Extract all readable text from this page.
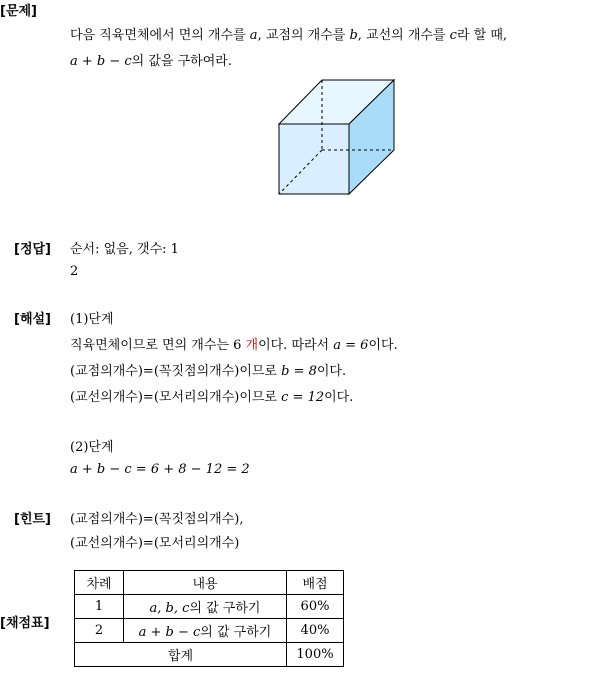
[문제]
다음 직육면체에서 면의 개수를 a, 교점의 개수를 b, 교선의 개수를 c라 할 때,
a + b − c의 값을 구하여라.
[정답] 순서: 없음, 갯수: 1
2
[해설] (1)단계
직육면체이므로 면의 개수는 6 개이다. 따라서 a = 6이다.
(교점의개수)=(꼭짓점의개수)이므로 b = 8이다.
(교선의개수)=(모서리의개수)이므로 c = 12이다.
(2)단계
a + b − c = 6 + 8 − 12 = 2
[힌트] (교점의개수)=(꼭짓점의개수),
(교선의개수)=(모서리의개수)
[채점표]
차례	내용	배점
1	a, b, c의 값 구하기	60%
2	a + b − c의 값 구하기	40%
합계		100%
